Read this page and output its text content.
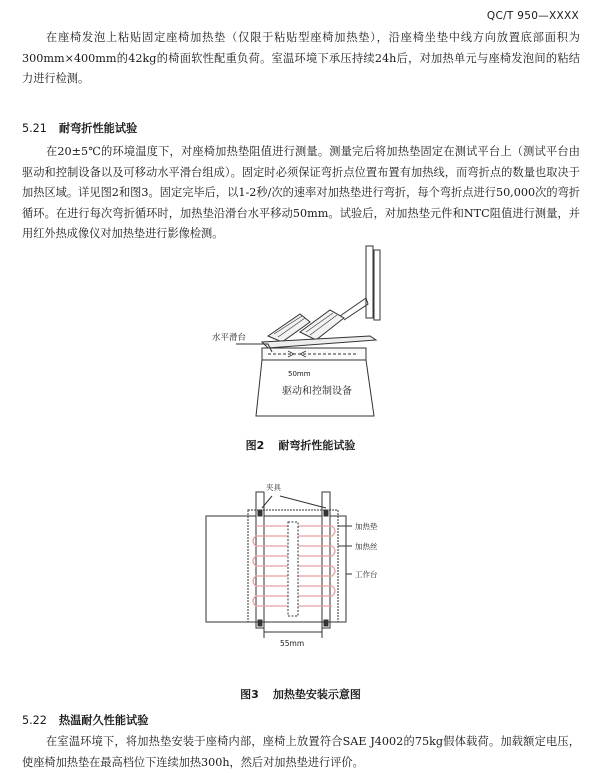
QC/T 950—XXXX

在座椅发泡上粘贴固定座椅加热垫（仅限于粘贴型座椅加热垫），沿座椅坐垫中线方向放置底部面积为300mm×400mm的42kg的椅面软性配重负荷。室温环境下承压持续24h后，对加热单元与座椅发泡间的粘结力进行检测。

5.21 耐弯折性能试验

在20±5℃的环境温度下，对座椅加热垫阻值进行测量。测量完后将加热垫固定在测试平台上（测试平台由驱动和控制设备以及可移动水平滑台组成）。固定时必须保证弯折点位置布置有加热线，而弯折点的数量也取决于加热区域。详见图2和图3。固定完毕后，以1-2秒/次的速率对加热垫进行弯折，每个弯折点进行50,000次的弯折循环。在进行每次弯折循环时，加热垫沿滑台水平移动50mm。试验后，对加热垫元件和NTC阻值进行测量，并用红外热成像仪对加热垫进行影像检测。

水平滑台
50mm
驱动和控制设备
图2 耐弯折性能试验
夹具
加热垫
加热丝
工作台
55mm
图3 加热垫安装示意图
5.22 热温耐久性能试验

在室温环境下，将加热垫安装于座椅内部，座椅上放置符合SAE J4002的75kg假体载荷。加载额定电压，使座椅加热垫在最高档位下连续加热300h，然后对加热垫进行评价。
